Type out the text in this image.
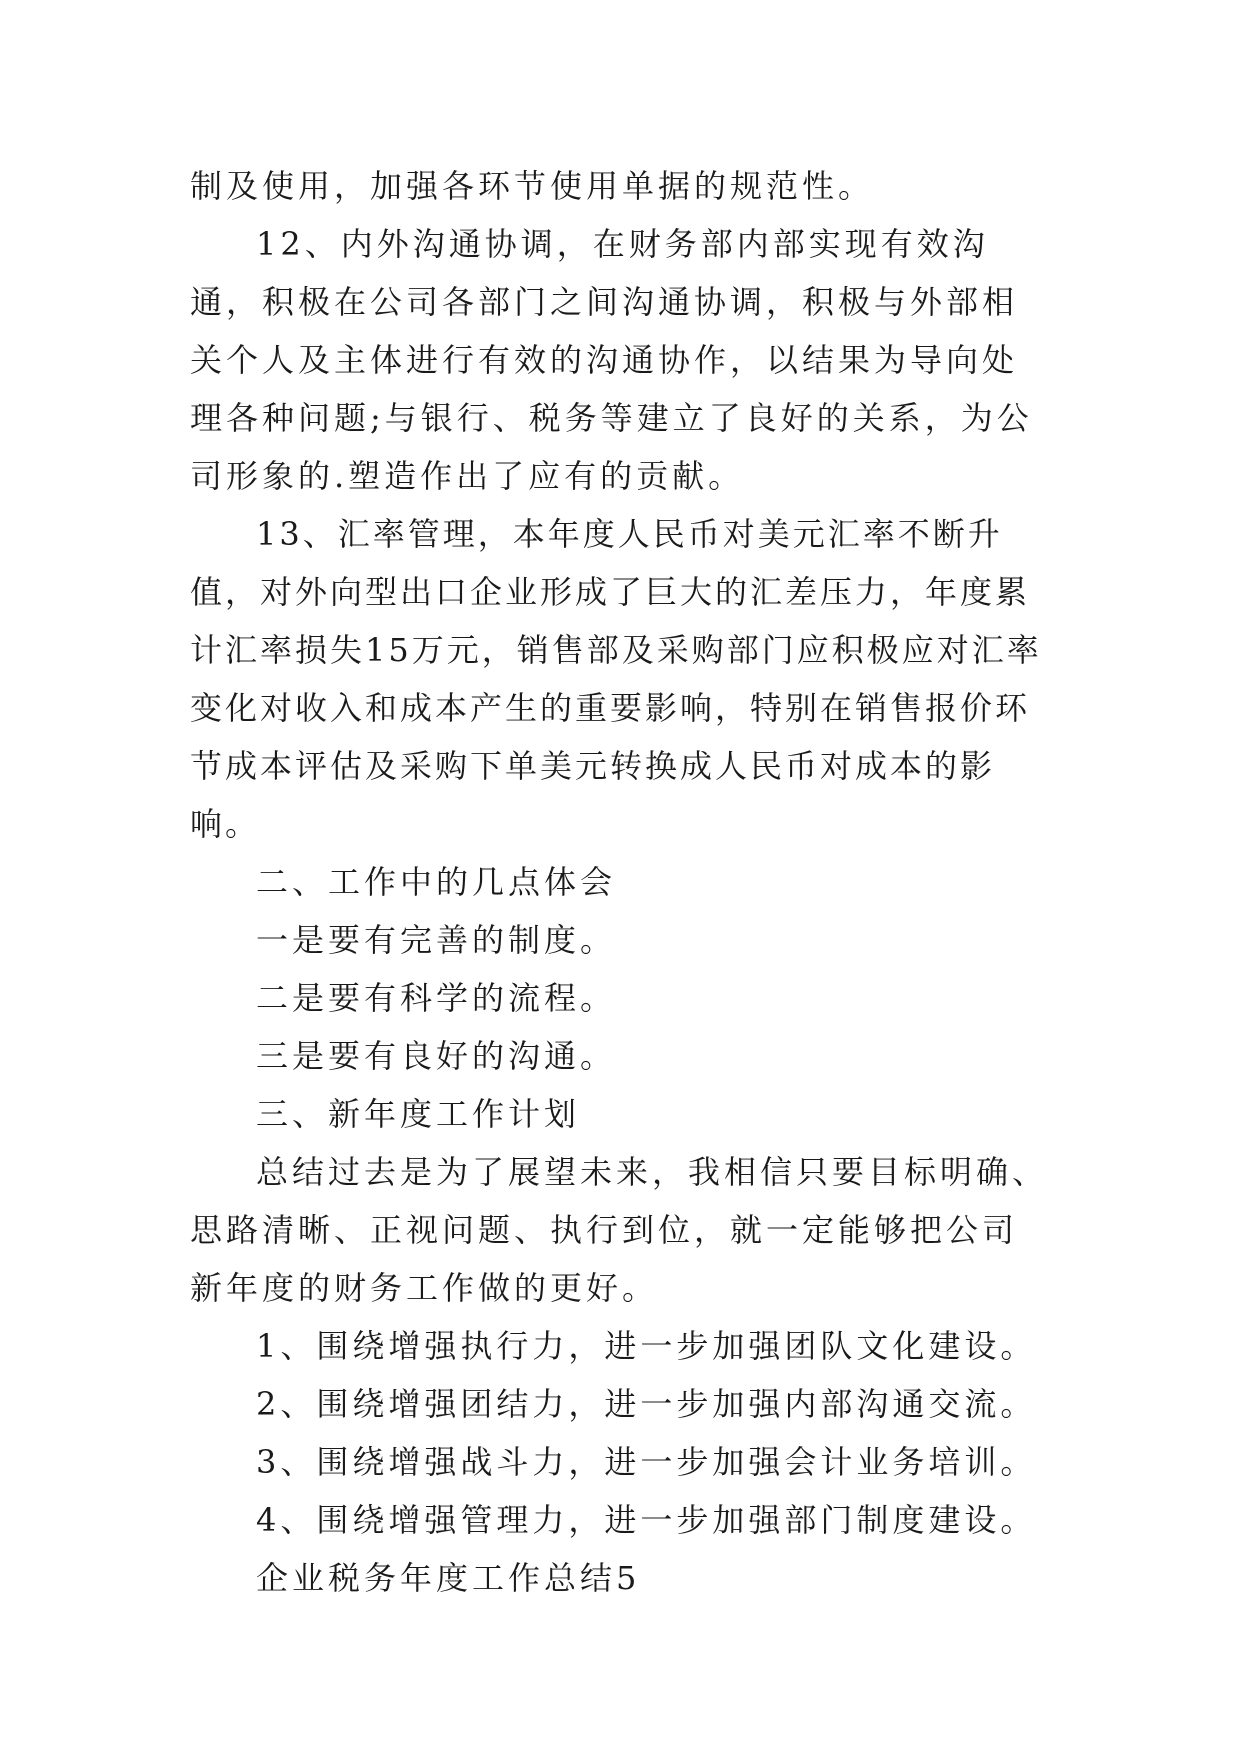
制及使用，加强各环节使用单据的规范性。

12、内外沟通协调，在财务部内部实现有效沟通，积极在公司各部门之间沟通协调，积极与外部相关个人及主体进行有效的沟通协作，以结果为导向处理各种问题;与银行、税务等建立了良好的关系，为公司形象的.塑造作出了应有的贡献。

13、汇率管理，本年度人民币对美元汇率不断升值，对外向型出口企业形成了巨大的汇差压力，年度累计汇率损失15万元，销售部及采购部门应积极应对汇率变化对收入和成本产生的重要影响，特别在销售报价环节成本评估及采购下单美元转换成人民币对成本的影响。

二、工作中的几点体会

一是要有完善的制度。

二是要有科学的流程。

三是要有良好的沟通。

三、新年度工作计划

总结过去是为了展望未来，我相信只要目标明确、思路清晰、正视问题、执行到位，就一定能够把公司新年度的财务工作做的更好。

1、围绕增强执行力，进一步加强团队文化建设。

2、围绕增强团结力，进一步加强内部沟通交流。

3、围绕增强战斗力，进一步加强会计业务培训。

4、围绕增强管理力，进一步加强部门制度建设。

企业税务年度工作总结5
